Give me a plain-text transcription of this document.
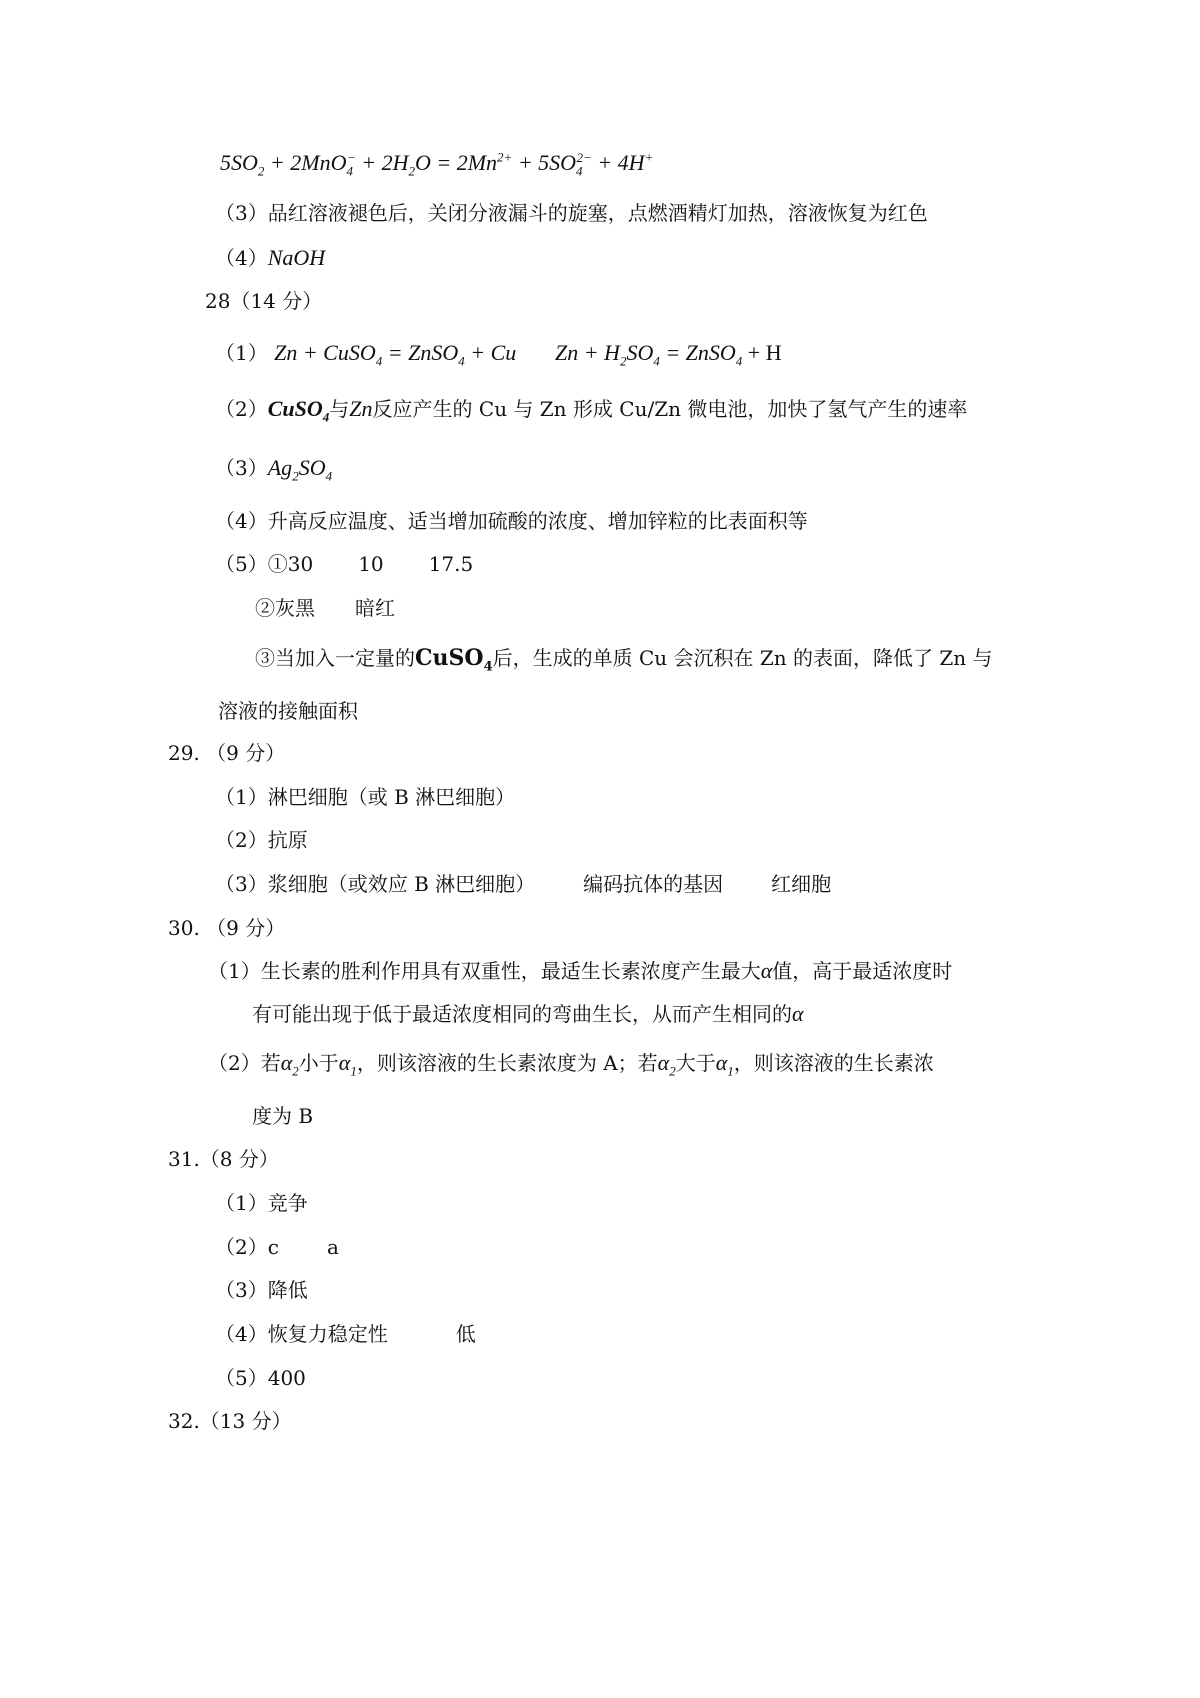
$5SO_2 + 2MnO_4^- + 2H_2O = 2Mn^{2+} + 5SO_4^{2-} + 4H^+$
（3）品红溶液褪色后，关闭分液漏斗的旋塞，点燃酒精灯加热，溶液恢复为红色
（4）NaOH
28（14 分）
（1） Zn + CuSO$_4$ = ZnSO$_4$ + Cu $Zn + H_2SO_4$ = ZnSO$_4$ + H
（2）CuSO$_4$与Zn反应产生的 Cu 与 Zn 形成 Cu/Zn 微电池，加快了氢气产生的速率
$(3)Ag_2SO_4$
（4）升高反应温度、适当增加硫酸的浓度、增加锌粒的比表面积等
（5）①30 10 17.5
②灰黑 暗红
③当加入一定量的CuSO$_4$后，生成的单质 Cu 会沉积在 Zn 的表面，降低了 Zn 与
溶液的接触面积
29. （9 分）
（1）淋巴细胞（或 B 淋巴细胞）
（2）抗原
（3）浆细胞（或效应 B 淋巴细胞） 编码抗体的基因 红细胞
30. （9 分）
（1）生长素的胜利作用具有双重性，最适生长素浓度产生最大α值，高于最适浓度时
有可能出现于低于最适浓度相同的弯曲生长，从而产生相同的α
（2）若$\alpha_2$小于$\alpha_1$，则该溶液的生长素浓度为 A；若$\alpha_2$大于$\alpha_1$，则该溶液的生长素浓
度为 B
31.（8 分）
（1）竞争
（2）c a
（3）降低
（4）恢复力稳定性	低
（5）400
32.（13 分）
